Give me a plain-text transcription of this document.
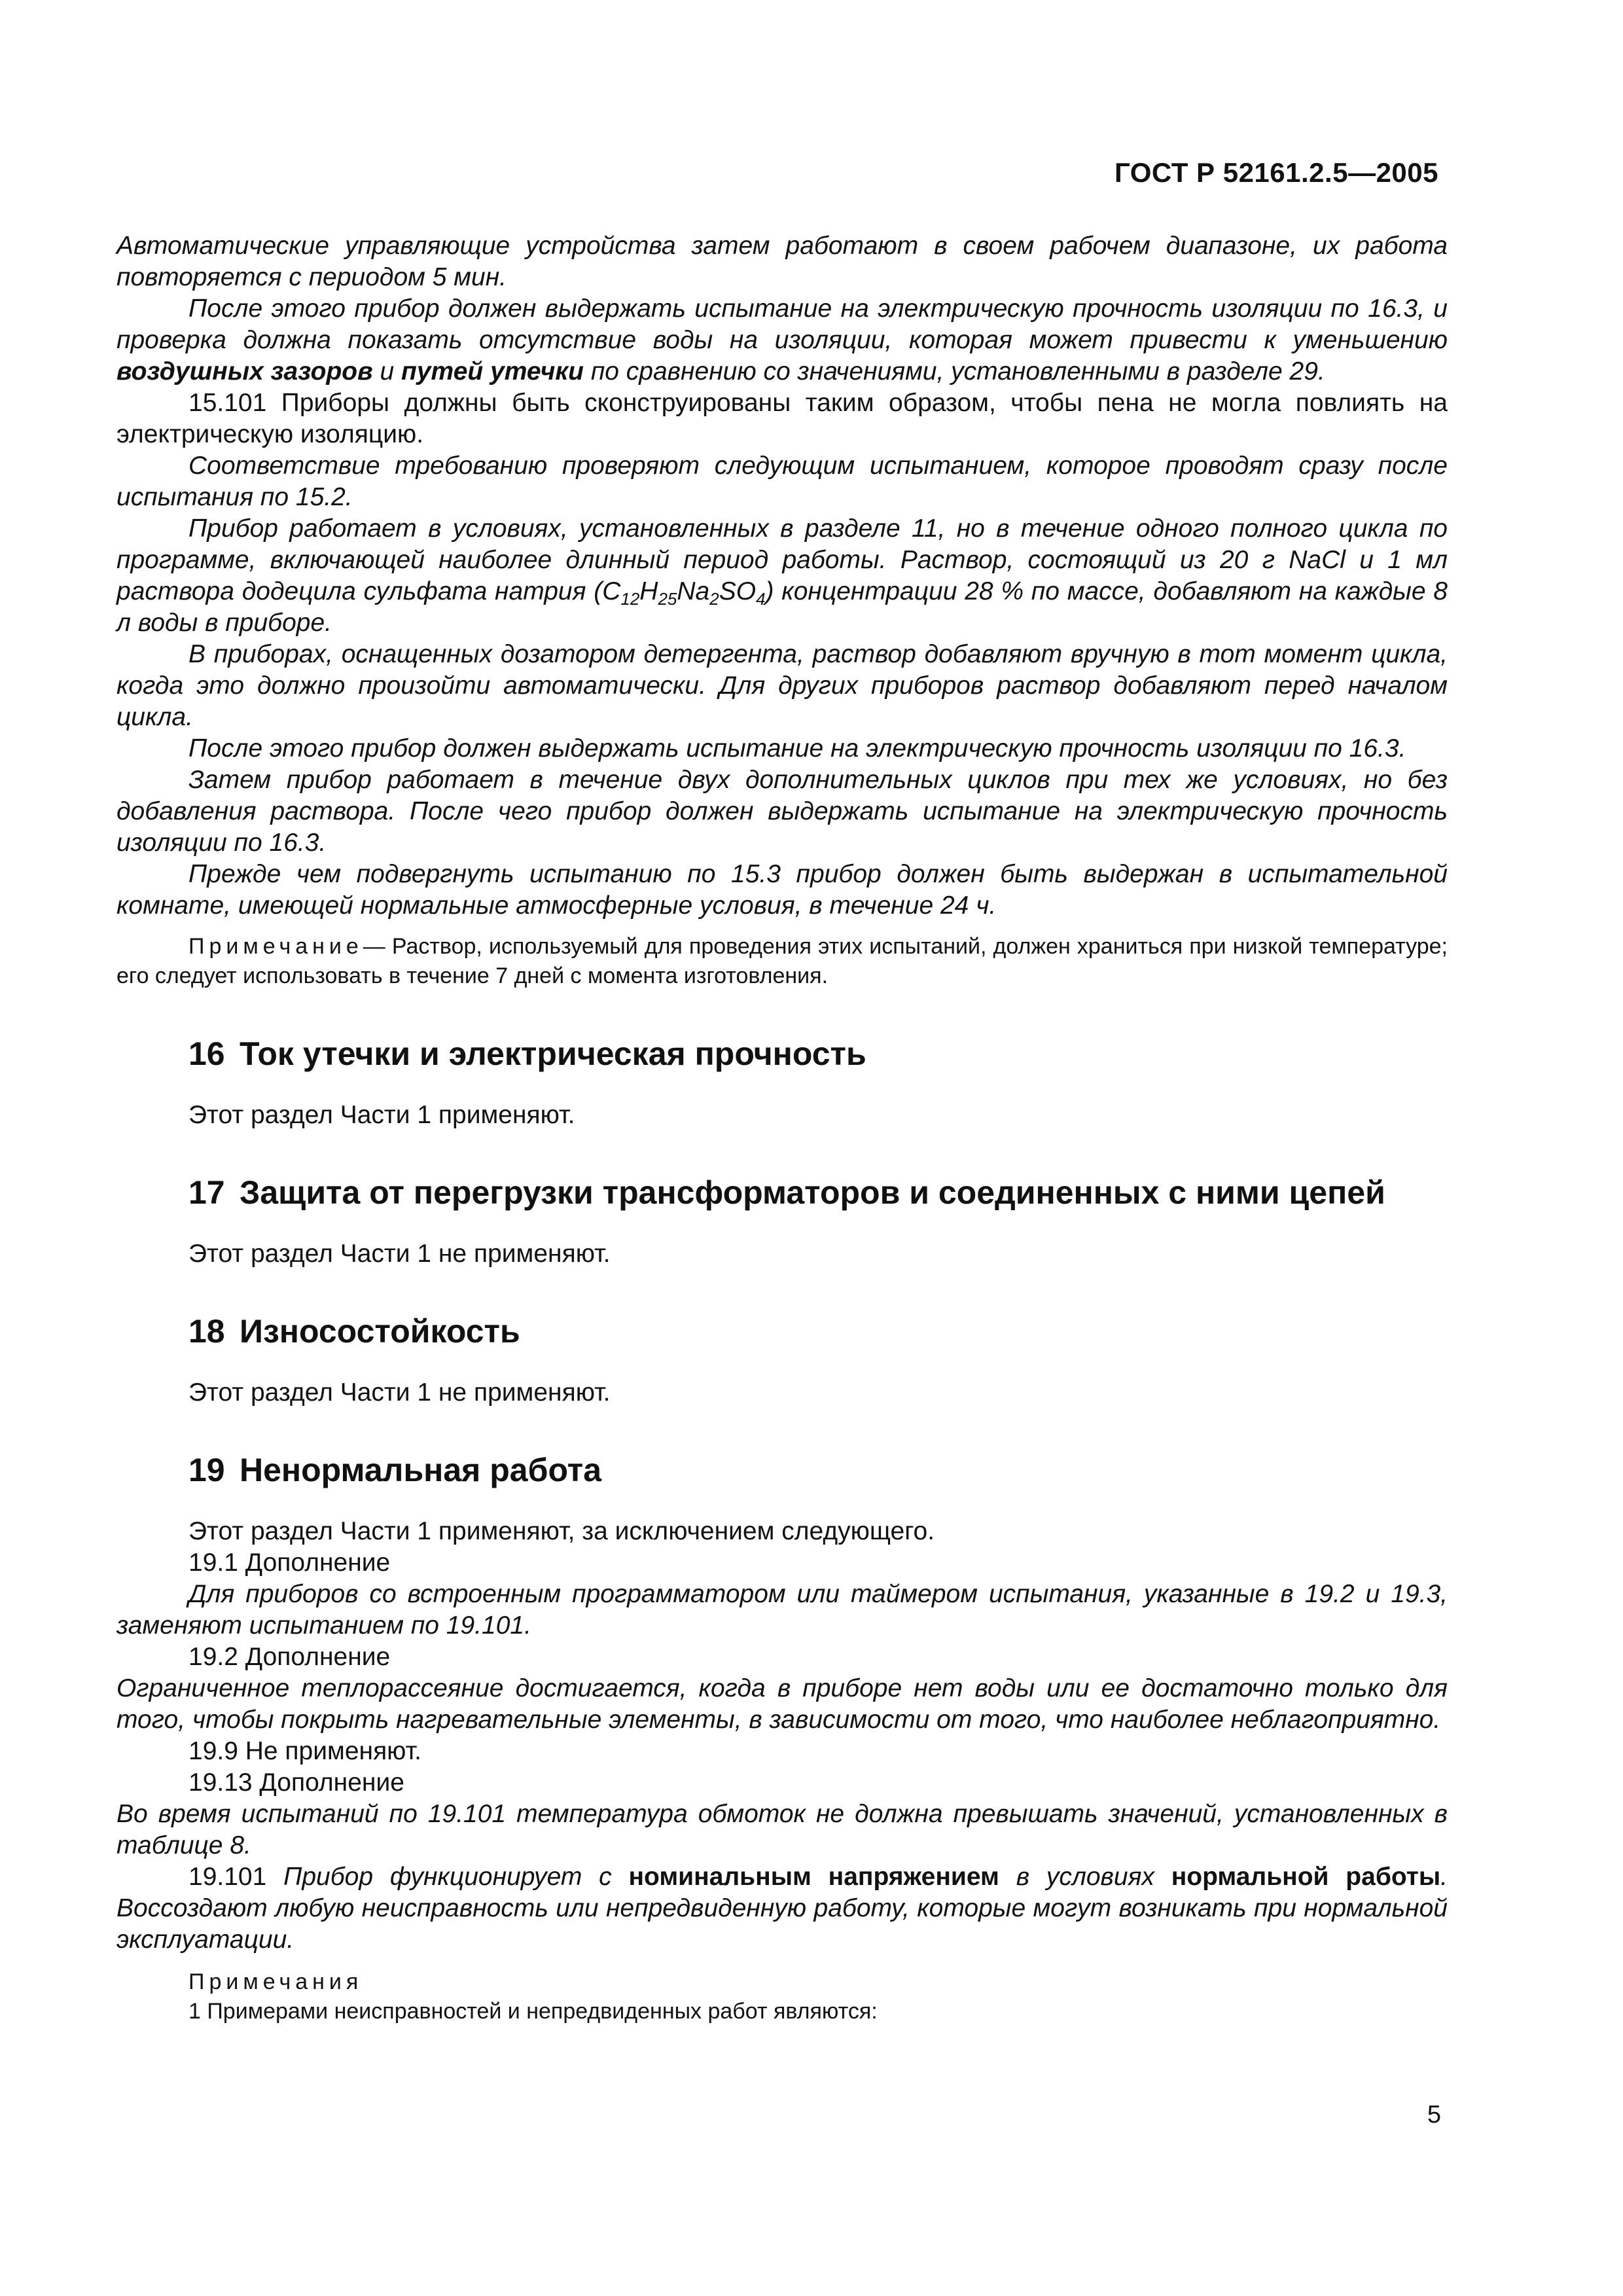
ГОСТ Р 52161.2.5—2005

Автоматические управляющие устройства затем работают в своем рабочем диапазоне, их работа повторяется с периодом 5 мин.

После этого прибор должен выдержать испытание на электрическую прочность изоляции по 16.3, и проверка должна показать отсутствие воды на изоляции, которая может привести к уменьшению воздушных зазоров и путей утечки по сравнению со значениями, установленными в разделе 29.

15.101 Приборы должны быть сконструированы таким образом, чтобы пена не могла повлиять на электрическую изоляцию.

Соответствие требованию проверяют следующим испытанием, которое проводят сразу после испытания по 15.2.

Прибор работает в условиях, установленных в разделе 11, но в течение одного полного цикла по программе, включающей наиболее длинный период работы. Раствор, состоящий из 20 г NaCl и 1 мл раствора додецила сульфата натрия $(C_{12}H_{25}Na_2SO_4)$ концентрации 28 % по массе, добавляют на каждые 8 л воды в приборе.

В приборах, оснащенных дозатором детергента, раствор добавляют вручную в тот момент цикла, когда это должно произойти автоматически. Для других приборов раствор добавляют перед началом цикла.

После этого прибор должен выдержать испытание на электрическую прочность изоляции по 16.3.

Затем прибор работает в течение двух дополнительных циклов при тех же условиях, но без добавления раствора. После чего прибор должен выдержать испытание на электрическую прочность изоляции по 16.3.

Прежде чем подвергнуть испытанию по 15.3 прибор должен быть выдержан в испытательной комнате, имеющей нормальные атмосферные условия, в течение 24 ч.

Примечание— Раствор, используемый для проведения этих испытаний, должен храниться при низкой температуре; его следует использовать в течение 7 дней с момента изготовления.

16 Ток утечки и электрическая прочность

Этот раздел Части 1 применяют.

17 Защита от перегрузки трансформаторов и соединенных с ними цепей

Этот раздел Части 1 не применяют.

18 Износостойкость

Этот раздел Части 1 не применяют.

19 Ненормальная работа

Этот раздел Части 1 применяют, за исключением следующего.

19.1 Дополнение

Для приборов со встроенным программатором или таймером испытания, указанные в 19.2 и 19.3, заменяют испытанием по 19.101.

19.2 Дополнение

Ограниченное теплорассеяние достигается, когда в приборе нет воды или ее достаточно только для того, чтобы покрыть нагревательные элементы, в зависимости от того, что наиболее неблагоприятно.

19.9 Не применяют.

19.13 Дополнение

Во время испытаний по 19.101 температура обмоток не должна превышать значений, установленных в таблице 8.

19.101 Прибор функционирует с номинальным напряжением в условиях нормальной работы. Воссоздают любую неисправность или непредвиденную работу, которые могут возникать при нормальной эксплуатации.

Примечания

1 Примерами неисправностей и непредвиденных работ являются:

5
